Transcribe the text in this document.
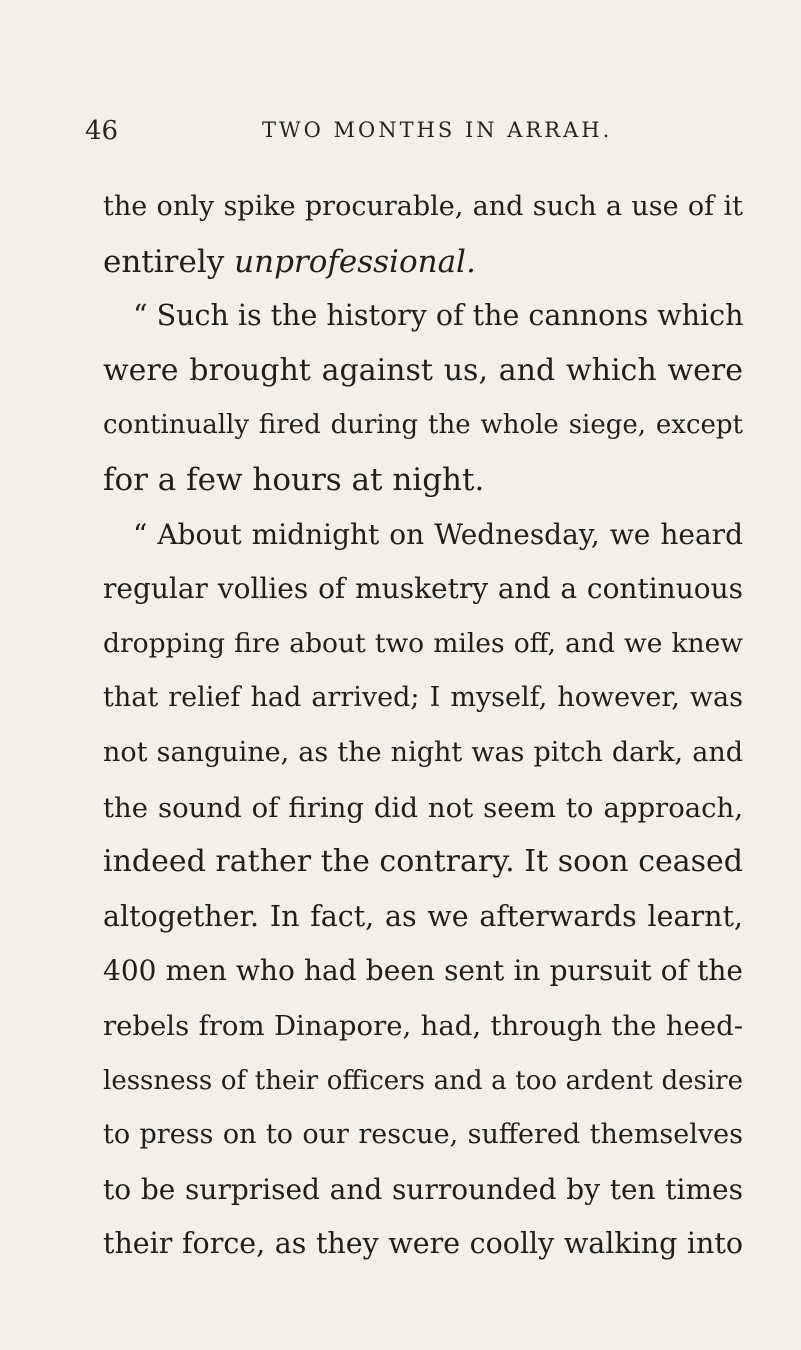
46	TWO MONTHS IN ARRAH.
the only spike procurable, and such a use of it
entirely unprofessional.
“ Such is the history of the cannons which
were brought against us, and which were
continually fired during the whole siege, except
for a few hours at night.
“ About midnight on Wednesday, we heard
regular vollies of musketry and a continuous
dropping fire about two miles off, and we knew
that relief had arrived; I myself, however, was
not sanguine, as the night was pitch dark, and
the sound of firing did not seem to approach,
indeed rather the contrary. It soon ceased
altogether. In fact, as we afterwards learnt,
400 men who had been sent in pursuit of the
rebels from Dinapore, had, through the heed-
lessness of their officers and a too ardent desire
to press on to our rescue, suffered themselves
to be surprised and surrounded by ten times
their force, as they were coolly walking into
